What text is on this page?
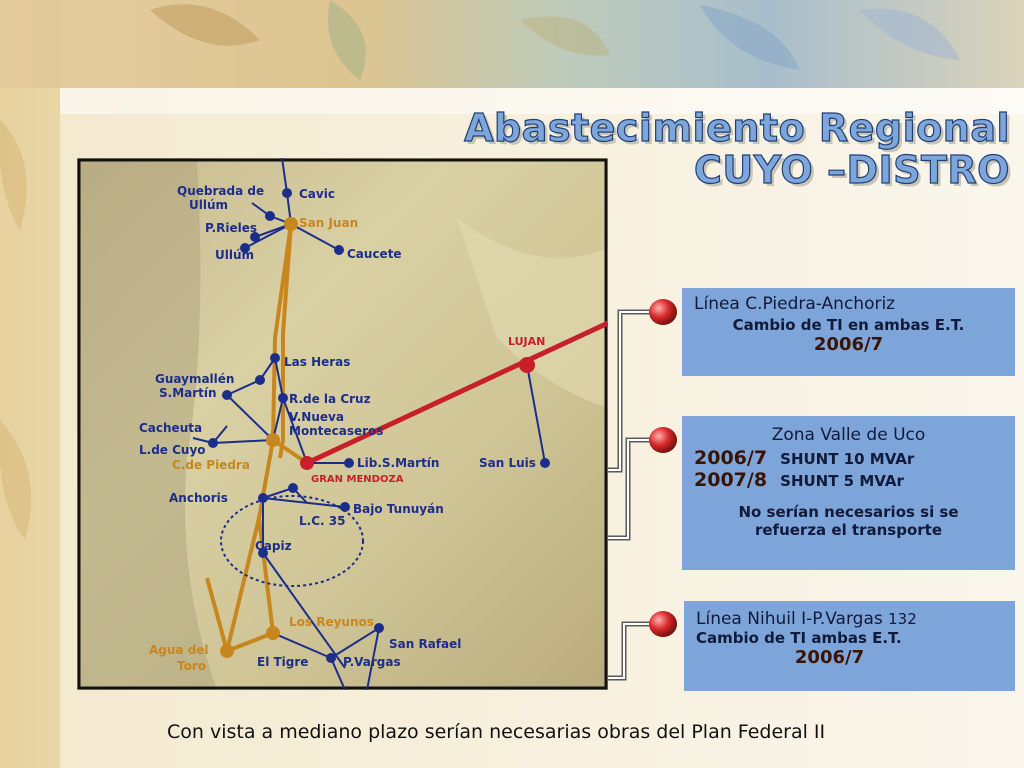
Abastecimiento Regional
CUYO –DISTRO
Quebrada de
Ullúm
Cavic
P.Rieles	San Juan
Ullúm	Caucete
LUJAN
Las Heras
Guaymallén
S.Martín	R.de la Cruz
V.Nueva
Montecaseros
Cacheuta
L.de Cuyo
C.de Piedra	Lib.S.Martín	San Luis
GRAN MENDOZA
Anchoris
Bajo Tunuyán
L.C. 35
Capiz
Los Reyunos
San Rafael
Agua del
Toro	El Tigre	P.Vargas
Línea C.Piedra-Anchoriz
Cambio de TI en ambas E.T.
2006/7
Zona Valle de Uco
2006/7 SHUNT 10 MVAr
2007/8 SHUNT 5 MVAr
No serían necesarios si se
refuerza el transporte
Línea Nihuil I-P.Vargas 132
Cambio de TI ambas E.T.
2006/7
Con vista a mediano plazo serían necesarias obras del Plan Federal II
